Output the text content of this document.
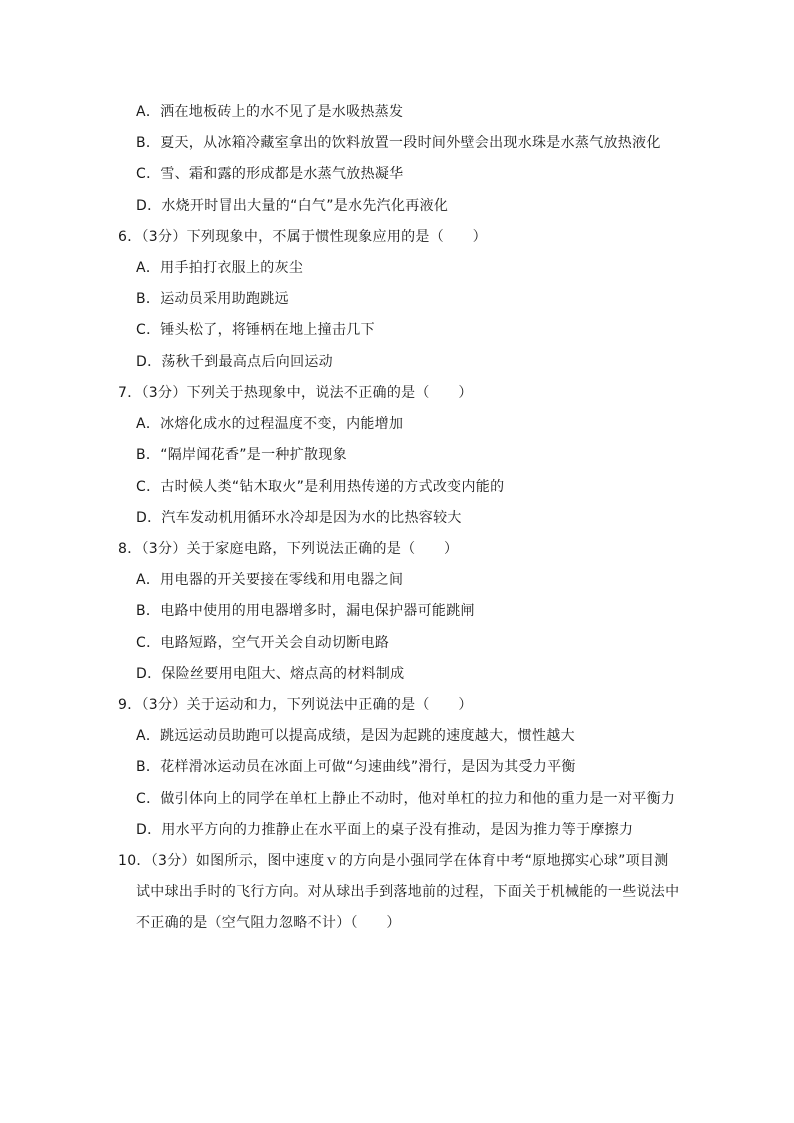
A．洒在地板砖上的水不见了是水吸热蒸发
B．夏天，从冰箱冷藏室拿出的饮料放置一段时间外壁会出现水珠是水蒸气放热液化
C．雪、霜和露的形成都是水蒸气放热凝华
D．水烧开时冒出大量的“白气”是水先汽化再液化
6．（3分）下列现象中，不属于惯性现象应用的是（　　）
A．用手拍打衣服上的灰尘
B．运动员采用助跑跳远
C．锤头松了，将锤柄在地上撞击几下
D．荡秋千到最高点后向回运动
7．（3分）下列关于热现象中，说法不正确的是（　　）
A．冰熔化成水的过程温度不变，内能增加
B．“隔岸闻花香”是一种扩散现象
C．古时候人类“钻木取火”是利用热传递的方式改变内能的
D．汽车发动机用循环水冷却是因为水的比热容较大
8．（3分）关于家庭电路，下列说法正确的是（　　）
A．用电器的开关要接在零线和用电器之间
B．电路中使用的用电器增多时，漏电保护器可能跳闸
C．电路短路，空气开关会自动切断电路
D．保险丝要用电阻大、熔点高的材料制成
9．（3分）关于运动和力，下列说法中正确的是（　　）
A．跳远运动员助跑可以提高成绩，是因为起跳的速度越大，惯性越大
B．花样滑冰运动员在冰面上可做“匀速曲线”滑行，是因为其受力平衡
C．做引体向上的同学在单杠上静止不动时，他对单杠的拉力和他的重力是一对平衡力
D．用水平方向的力推静止在水平面上的桌子没有推动，是因为推力等于摩擦力
10．（3分）如图所示，图中速度ｖ的方向是小强同学在体育中考“原地掷实心球”项目测
试中球出手时的飞行方向。对从球出手到落地前的过程，下面关于机械能的一些说法中
不正确的是（空气阻力忽略不计）（　　）
